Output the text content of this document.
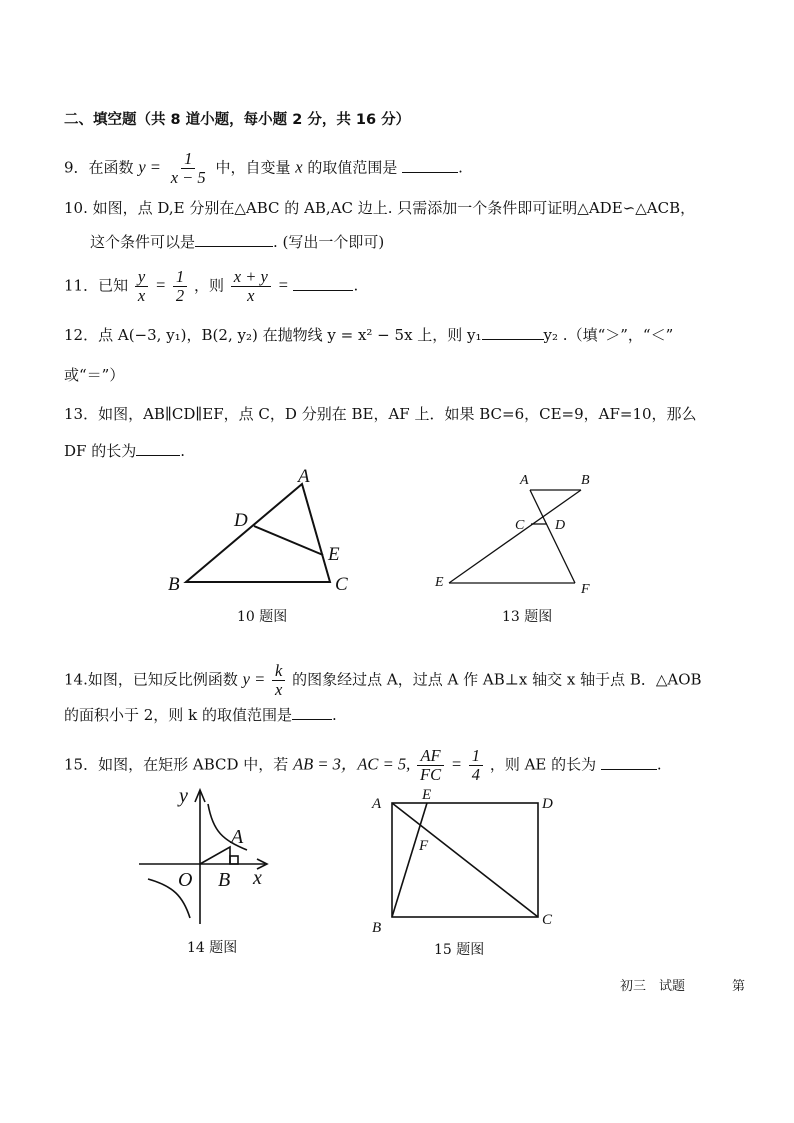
二、填空题（共 8 道小题，每小题 2 分，共 16 分）
9．在函数 $y = \frac{1}{x - 5}$ 中，自变量 x 的取值范围是	.
10. 如图，点 D,E 分别在△ABC 的 AB,AC 边上. 只需添加一个条件即可证明△ADE∽△ACB，
这个条件可以是	. (写出一个即可)
11．已知 $\frac{y}{x} = \frac{1}{2}$ ，则 $\frac{x + y}{x}$ =	.
12．点 A(−3, y₁)，B(2, y₂) 在抛物线 y = x² − 5x 上，则 y₁	y₂ .（填“＞”，“＜”
或“＝”）
13．如图，AB∥CD∥EF，点 C，D 分别在 BE，AF 上．如果 BC=6，CE=9，AF=10，那么
DF 的长为	.
A
B	C
D
E
10 题图
A	B
C D
E	F
13 题图
14.如图，已知反比例函数 $y = \frac{k}{x}$ 的图象经过点 A，过点 A 作 AB⊥x 轴交 x 轴于点 B．△AOB
的面积小于 2，则 k 的取值范围是	.
15．如图，在矩形 ABCD 中，若 AB = 3，AC = 5, $\frac{AF}{FC} = \frac{1}{4}$ ，则 AE 的长为	.
y
x
O
A
B
14 题图
A
E
D
F
B	C
15 题图
初三　试题	第
